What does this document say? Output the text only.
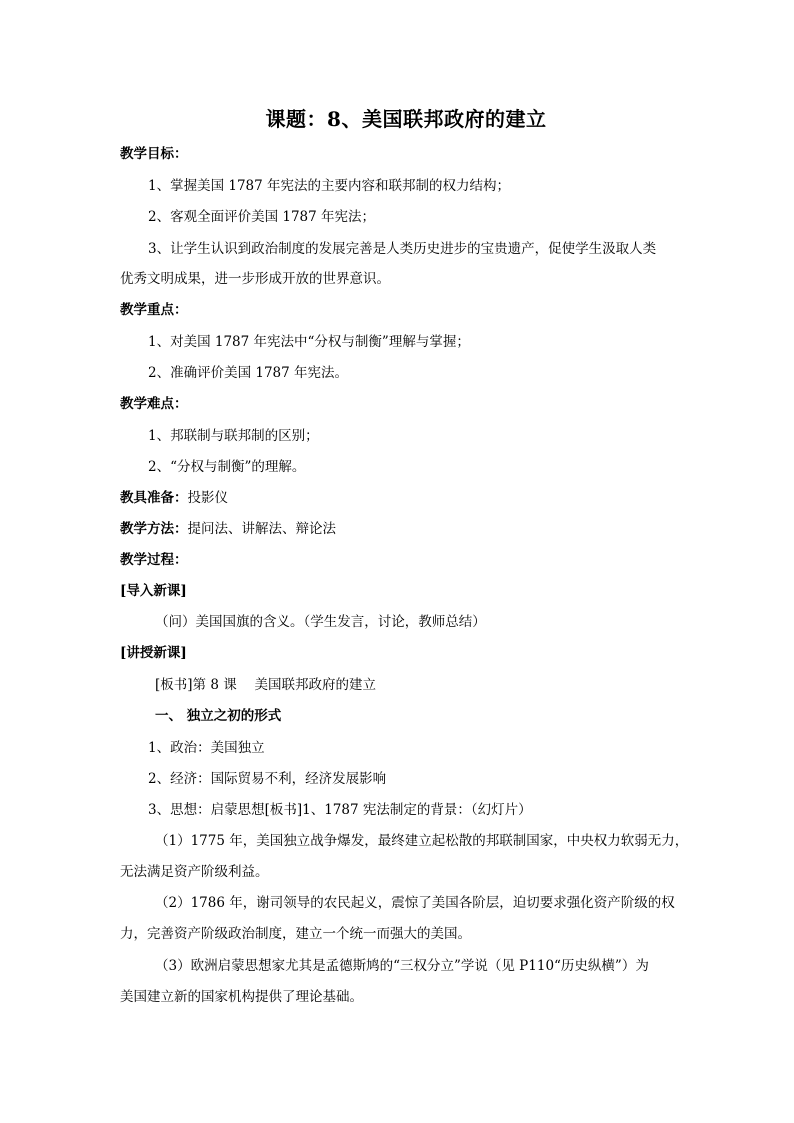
课题：8、美国联邦政府的建立
教学目标：
1、掌握美国 1787 年宪法的主要内容和联邦制的权力结构；
2、客观全面评价美国 1787 年宪法；
3、让学生认识到政治制度的发展完善是人类历史进步的宝贵遗产，促使学生汲取人类
优秀文明成果，进一步形成开放的世界意识。
教学重点：
1、对美国 1787 年宪法中“分权与制衡”理解与掌握；
2、准确评价美国 1787 年宪法。
教学难点：
1、邦联制与联邦制的区别；
2、“分权与制衡”的理解。
教具准备：投影仪
教学方法：提问法、讲解法、辩论法
教学过程：
[导入新课]
（问）美国国旗的含义。（学生发言，讨论，教师总结）
[讲授新课]
[板书]第 8 课　 美国联邦政府的建立
一、 独立之初的形式
1、政治：美国独立
2、经济：国际贸易不利，经济发展影响
3、思想：启蒙思想[板书]1、1787 宪法制定的背景：（幻灯片）
（1）1775 年，美国独立战争爆发，最终建立起松散的邦联制国家，中央权力软弱无力，
无法满足资产阶级利益。
（2）1786 年，谢司领导的农民起义，震惊了美国各阶层，迫切要求强化资产阶级的权
力，完善资产阶级政治制度，建立一个统一而强大的美国。
（3）欧洲启蒙思想家尤其是孟德斯鸠的“三权分立”学说（见 P110“历史纵横”）为
美国建立新的国家机构提供了理论基础。
